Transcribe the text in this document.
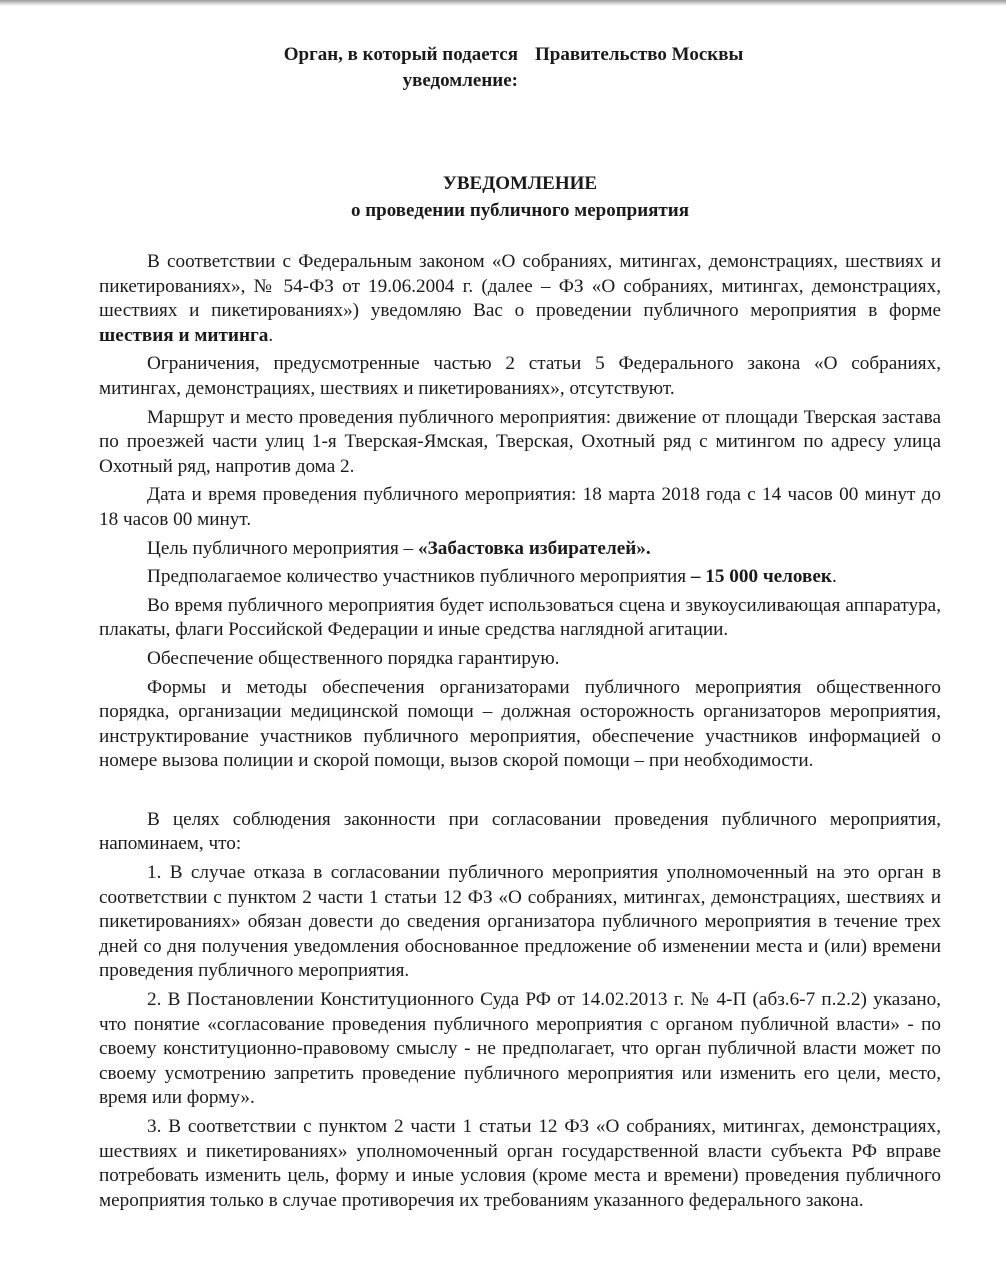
Орган, в который подается
уведомление:
Правительство Москвы
УВЕДОМЛЕНИЕ
о проведении публичного мероприятия

В соответствии с Федеральным законом «О собраниях, митингах, демонстрациях, шествиях и пикетированиях», № 54-ФЗ от 19.06.2004 г. (далее – ФЗ «О собраниях, митингах, демонстрациях, шествиях и пикетированиях») уведомляю Вас о проведении публичного мероприятия в форме шествия и митинга.

Ограничения, предусмотренные частью 2 статьи 5 Федерального закона «О собраниях, митингах, демонстрациях, шествиях и пикетированиях», отсутствуют.

Маршрут и место проведения публичного мероприятия: движение от площади Тверская застава по проезжей части улиц 1-я Тверская-Ямская, Тверская, Охотный ряд с митингом по адресу улица Охотный ряд, напротив дома 2.

Дата и время проведения публичного мероприятия: 18 марта 2018 года с 14 часов 00 минут до 18 часов 00 минут.

Цель публичного мероприятия – «Забастовка избирателей».

Предполагаемое количество участников публичного мероприятия – 15 000 человек.

Во время публичного мероприятия будет использоваться сцена и звукоусиливающая аппаратура, плакаты, флаги Российской Федерации и иные средства наглядной агитации.

Обеспечение общественного порядка гарантирую.

Формы и методы обеспечения организаторами публичного мероприятия общественного порядка, организации медицинской помощи – должная осторожность организаторов мероприятия, инструктирование участников публичного мероприятия, обеспечение участников информацией о номере вызова полиции и скорой помощи, вызов скорой помощи – при необходимости.

В целях соблюдения законности при согласовании проведения публичного мероприятия, напоминаем, что:

1. В случае отказа в согласовании публичного мероприятия уполномоченный на это орган в соответствии с пунктом 2 части 1 статьи 12 ФЗ «О собраниях, митингах, демонстрациях, шествиях и пикетированиях» обязан довести до сведения организатора публичного мероприятия в течение трех дней со дня получения уведомления обоснованное предложение об изменении места и (или) времени проведения публичного мероприятия.

2. В Постановлении Конституционного Суда РФ от 14.02.2013 г. № 4-П (абз.6-7 п.2.2) указано, что понятие «согласование проведения публичного мероприятия с органом публичной власти» - по своему конституционно-правовому смыслу - не предполагает, что орган публичной власти может по своему усмотрению запретить проведение публичного мероприятия или изменить его цели, место, время или форму».

3. В соответствии с пунктом 2 части 1 статьи 12 ФЗ «О собраниях, митингах, демонстрациях, шествиях и пикетированиях» уполномоченный орган государственной власти субъекта РФ вправе потребовать изменить цель, форму и иные условия (кроме места и времени) проведения публичного мероприятия только в случае противоречия их требованиям указанного федерального закона.
